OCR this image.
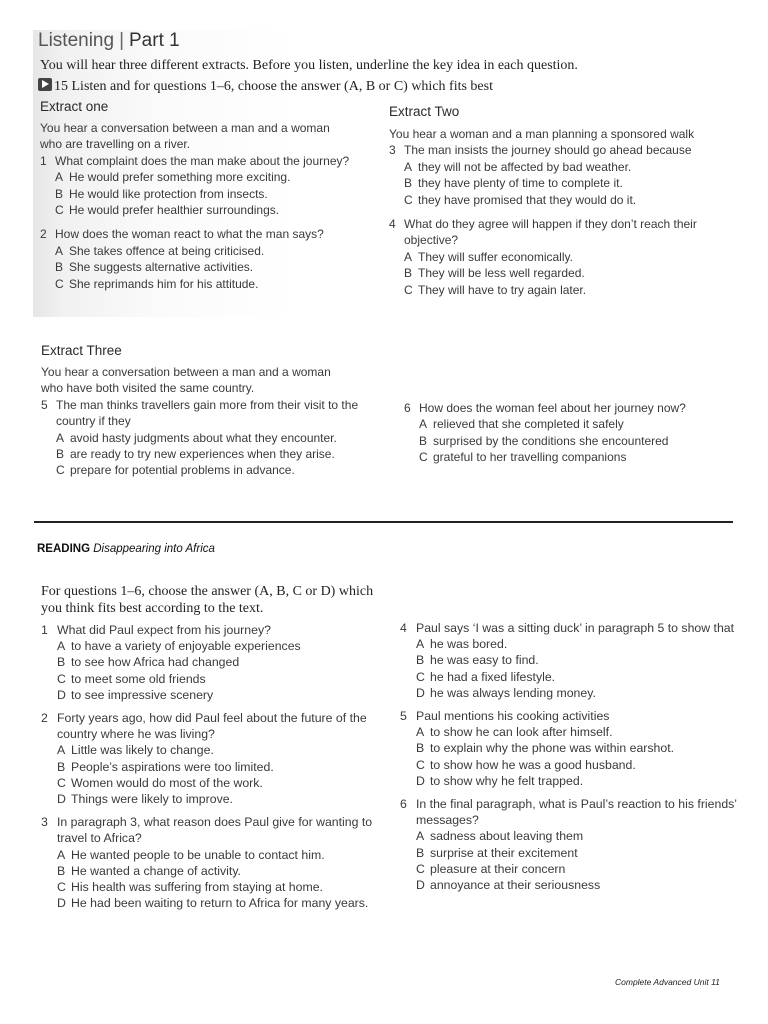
Listening | Part 1
You will hear three different extracts. Before you listen, underline the key idea in each question.
15 Listen and for questions 1–6, choose the answer (A, B or C) which fits best
Extract one

You hear a conversation between a man and a woman

who are travelling on a river.

1 What complaint does the man make about the journey?

A He would prefer something more exciting.

B He would like protection from insects.

C He would prefer healthier surroundings.

2 How does the woman react to what the man says?

A She takes offence at being criticised.

B She suggests alternative activities.

C She reprimands him for his attitude.

Extract Two

You hear a woman and a man planning a sponsored walk

3 The man insists the journey should go ahead because

A they will not be affected by bad weather.

B they have plenty of time to complete it.

C they have promised that they would do it.

4 What do they agree will happen if they don’t reach their objective?

A They will suffer economically.

B They will be less well regarded.

C They will have to try again later.

Extract Three

You hear a conversation between a man and a woman

who have both visited the same country.

5 The man thinks travellers gain more from their visit to the country if they

A avoid hasty judgments about what they encounter.

B are ready to try new experiences when they arise.

C prepare for potential problems in advance.

6 How does the woman feel about her journey now?

A relieved that she completed it safely

B surprised by the conditions she encountered

C grateful to her travelling companions

READING Disappearing into Africa
For questions 1–6, choose the answer (A, B, C or D) which you think fits best according to the text.
1 What did Paul expect from his journey?

A to have a variety of enjoyable experiences

B to see how Africa had changed

C to meet some old friends

D to see impressive scenery

2 Forty years ago, how did Paul feel about the future of the country where he was living?

A Little was likely to change.

B People’s aspirations were too limited.

C Women would do most of the work.

D Things were likely to improve.

3 In paragraph 3, what reason does Paul give for wanting to travel to Africa?

A He wanted people to be unable to contact him.

B He wanted a change of activity.

C His health was suffering from staying at home.

D He had been waiting to return to Africa for many years.
4 Paul says ‘I was a sitting duck’ in paragraph 5 to show that

A he was bored.

B he was easy to find.

C he had a fixed lifestyle.

D he was always lending money.

5 Paul mentions his cooking activities

A to show he can look after himself.

B to explain why the phone was within earshot.

C to show how he was a good husband.

D to show why he felt trapped.

6 In the final paragraph, what is Paul’s reaction to his friends’ messages?

A sadness about leaving them

B surprise at their excitement

C pleasure at their concern

D annoyance at their seriousness

Complete Advanced Unit 11
